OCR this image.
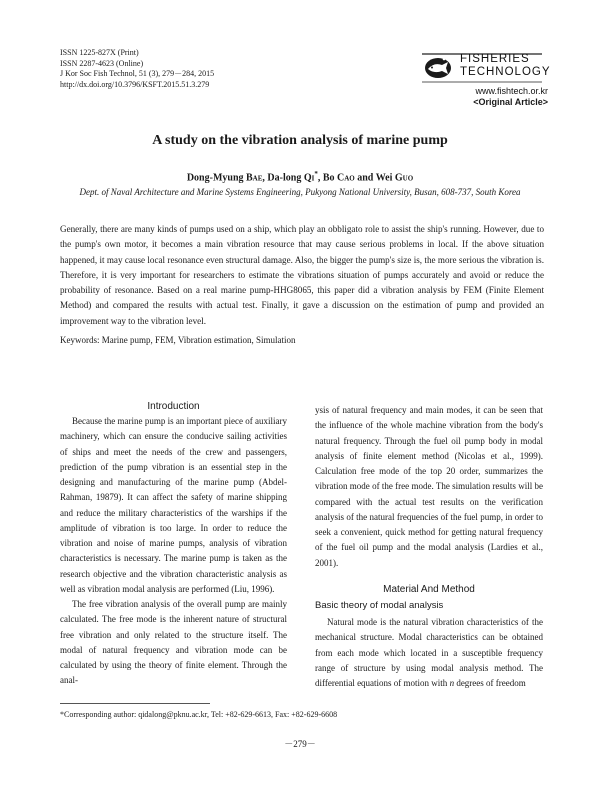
ISSN 1225-827X (Print)
ISSN 2287-4623 (Online)
J Kor Soc Fish Technol, 51 (3), 279－284, 2015
http://dx.doi.org/10.3796/KSFT.2015.51.3.279
FISHERIES
TECHNOLOGY
www.fishtech.or.kr
<Original Article>
A study on the vibration analysis of marine pump
Dong-Myung Bae, Da-long Qi*, Bo Cao and Wei Guo
Dept. of Naval Architecture and Marine Systems Engineering, Pukyong National University, Busan, 608-737, South Korea
Generally, there are many kinds of pumps used on a ship, which play an obbligato role to assist the ship's running. However, due to the pump's own motor, it becomes a main vibration resource that may cause serious problems in local. If the above situation happened, it may cause local resonance even structural damage. Also, the bigger the pump's size is, the more serious the vibration is. Therefore, it is very important for researchers to estimate the vibrations situation of pumps accurately and avoid or reduce the probability of resonance. Based on a real marine pump-HHG8065, this paper did a vibration analysis by FEM (Finite Element Method) and compared the results with actual test. Finally, it gave a discussion on the estimation of pump and provided an improvement way to the vibration level.
Keywords: Marine pump, FEM, Vibration estimation, Simulation
Introduction

Because the marine pump is an important piece of auxiliary machinery, which can ensure the conducive sailing activities of ships and meet the needs of the crew and passengers, prediction of the pump vibration is an essential step in the designing and manufacturing of the marine pump (Abdel-Rahman, 19879). It can affect the safety of marine shipping and reduce the military characteristics of the warships if the amplitude of vibration is too large. In order to reduce the vibration and noise of marine pumps, analysis of vibration characteristics is necessary. The marine pump is taken as the research objective and the vibration characteristic analysis as well as vibration modal analysis are performed (Liu, 1996).

The free vibration analysis of the overall pump are mainly calculated. The free mode is the inherent nature of structural free vibration and only related to the structure itself. The modal of natural frequency and vibration mode can be calculated by using the theory of finite element. Through the anal-

ysis of natural frequency and main modes, it can be seen that the influence of the whole machine vibration from the body's natural frequency. Through the fuel oil pump body in modal analysis of finite element method (Nicolas et al., 1999). Calculation free mode of the top 20 order, summarizes the vibration mode of the free mode. The simulation results will be compared with the actual test results on the verification analysis of the natural frequencies of the fuel pump, in order to seek a convenient, quick method for getting natural frequency of the fuel oil pump and the modal analysis (Lardies et al., 2001).

Material And Method
Basic theory of modal analysis

Natural mode is the natural vibration characteristics of the mechanical structure. Modal characteristics can be obtained from each mode which located in a susceptible frequency range of structure by using modal analysis method. The differential equations of motion with n degrees of freedom

*Corresponding author: qidalong@pknu.ac.kr, Tel: +82-629-6613, Fax: +82-629-6608
－279－
